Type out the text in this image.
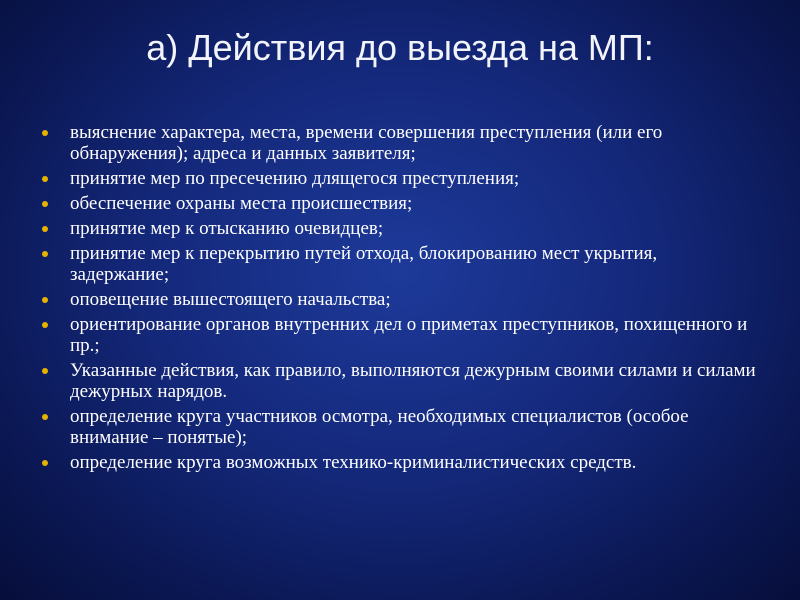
а) Действия до выезда на МП:
выяснение характера, места, времени совершения преступления (или его обнаружения); адреса и данных заявителя;
принятие мер по пресечению длящегося преступления;
обеспечение охраны места происшествия;
принятие мер к отысканию очевидцев;
принятие мер к перекрытию путей отхода, блокированию мест укрытия, задержание;
оповещение вышестоящего начальства;
ориентирование органов внутренних дел о приметах преступников, похищенного и пр.;
Указанные действия, как правило, выполняются дежурным своими силами и силами дежурных нарядов.
определение круга участников осмотра, необходимых специалистов (особое внимание – понятые);
определение круга возможных технико-криминалистических средств.
